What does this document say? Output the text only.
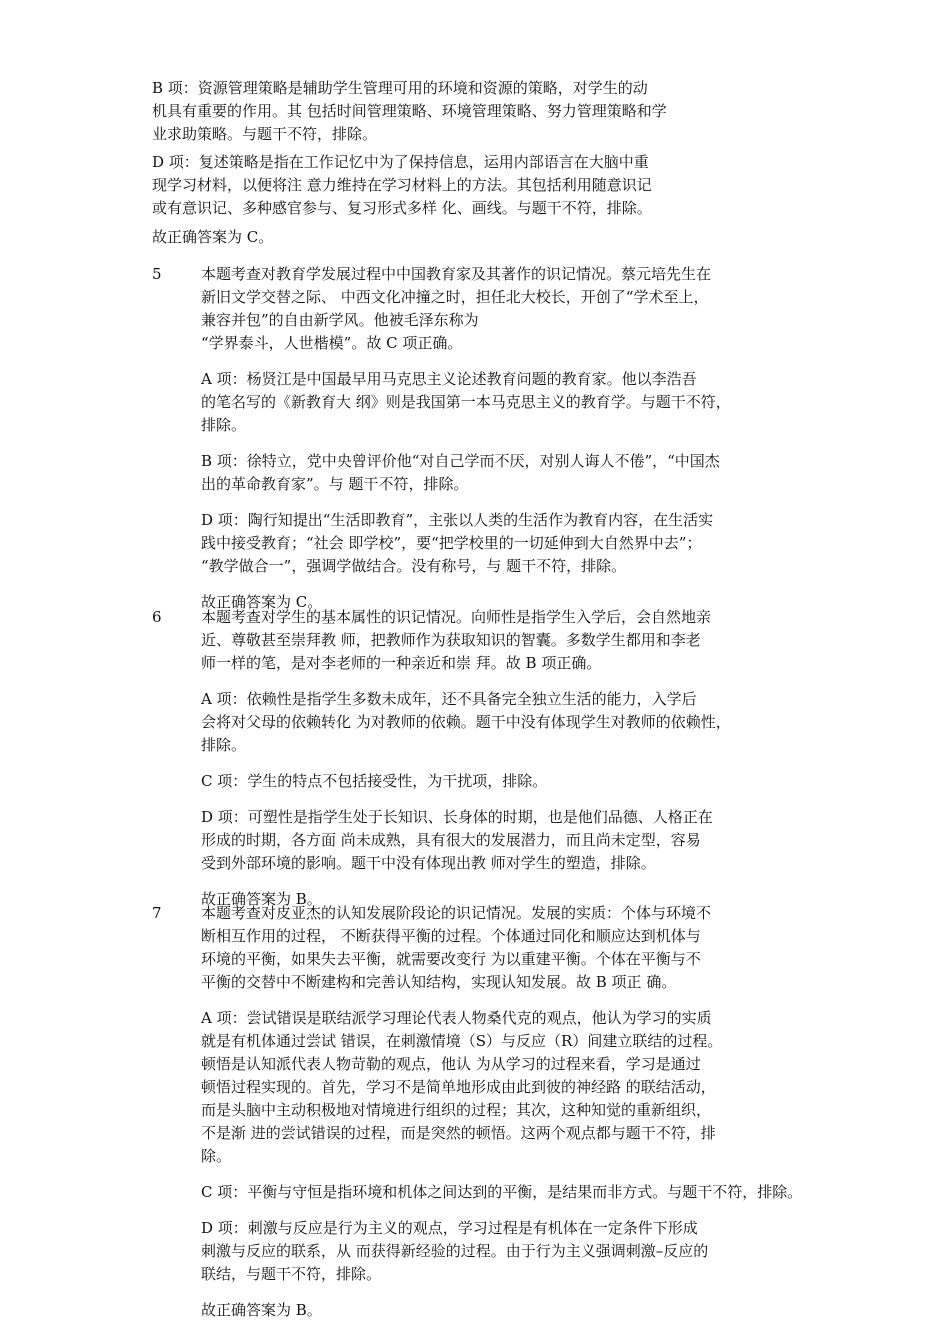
B 项：资源管理策略是辅助学生管理可用的环境和资源的策略，对学生的动
机具有重要的作用。其 包括时间管理策略、环境管理策略、努力管理策略和学
业求助策略。与题干不符，排除。
D 项：复述策略是指在工作记忆中为了保持信息，运用内部语言在大脑中重
现学习材料，以便将注 意力维持在学习材料上的方法。其包括利用随意识记
或有意识记、多种感官参与、复习形式多样 化、画线。与题干不符，排除。
故正确答案为 C。
5	本题考查对教育学发展过程中中国教育家及其著作的识记情况。蔡元培先生在
新旧文学交替之际、 中西文化冲撞之时，担任北大校长，开创了“学术至上，
兼容并包”的自由新学风。他被毛泽东称为
“学界泰斗，人世楷模”。故 C 项正确。
A 项：杨贤江是中国最早用马克思主义论述教育问题的教育家。他以李浩吾
的笔名写的《新教育大 纲》则是我国第一本马克思主义的教育学。与题干不符，
排除。
B 项：徐特立，党中央曾评价他“对自己学而不厌，对别人诲人不倦”，“中国杰
出的革命教育家”。与 题干不符，排除。
D 项：陶行知提出“生活即教育”，主张以人类的生活作为教育内容，在生活实
践中接受教育；“社会 即学校”，要“把学校里的一切延伸到大自然界中去”；
“教学做合一”，强调学做结合。没有称号，与 题干不符，排除。
故正确答案为 C。
6	本题考查对学生的基本属性的识记情况。向师性是指学生入学后，会自然地亲
近、尊敬甚至崇拜教 师，把教师作为获取知识的智囊。多数学生都用和李老
师一样的笔，是对李老师的一种亲近和崇 拜。故 B 项正确。
A 项：依赖性是指学生多数未成年，还不具备完全独立生活的能力，入学后
会将对父母的依赖转化 为对教师的依赖。题干中没有体现学生对教师的依赖性，
排除。
C 项：学生的特点不包括接受性，为干扰项，排除。
D 项：可塑性是指学生处于长知识、长身体的时期，也是他们品德、人格正在
形成的时期，各方面 尚未成熟，具有很大的发展潜力，而且尚未定型，容易
受到外部环境的影响。题干中没有体现出教 师对学生的塑造，排除。
故正确答案为 B。
7	本题考查对皮亚杰的认知发展阶段论的识记情况。发展的实质：个体与环境不
断相互作用的过程， 不断获得平衡的过程。个体通过同化和顺应达到机体与
环境的平衡，如果失去平衡，就需要改变行 为以重建平衡。个体在平衡与不
平衡的交替中不断建构和完善认知结构，实现认知发展。故 B 项正 确。
A 项：尝试错误是联结派学习理论代表人物桑代克的观点，他认为学习的实质
就是有机体通过尝试 错误，在刺激情境（S）与反应（R）间建立联结的过程。
顿悟是认知派代表人物苛勒的观点，他认 为从学习的过程来看，学习是通过
顿悟过程实现的。首先，学习不是简单地形成由此到彼的神经路 的联结活动，
而是头脑中主动积极地对情境进行组织的过程；其次，这种知觉的重新组织，
不是渐 进的尝试错误的过程，而是突然的顿悟。这两个观点都与题干不符，排
除。
C 项：平衡与守恒是指环境和机体之间达到的平衡，是结果而非方式。与题干不符，排除。
D 项：刺激与反应是行为主义的观点，学习过程是有机体在一定条件下形成
刺激与反应的联系，从 而获得新经验的过程。由于行为主义强调刺激–反应的
联结，与题干不符，排除。
故正确答案为 B。
